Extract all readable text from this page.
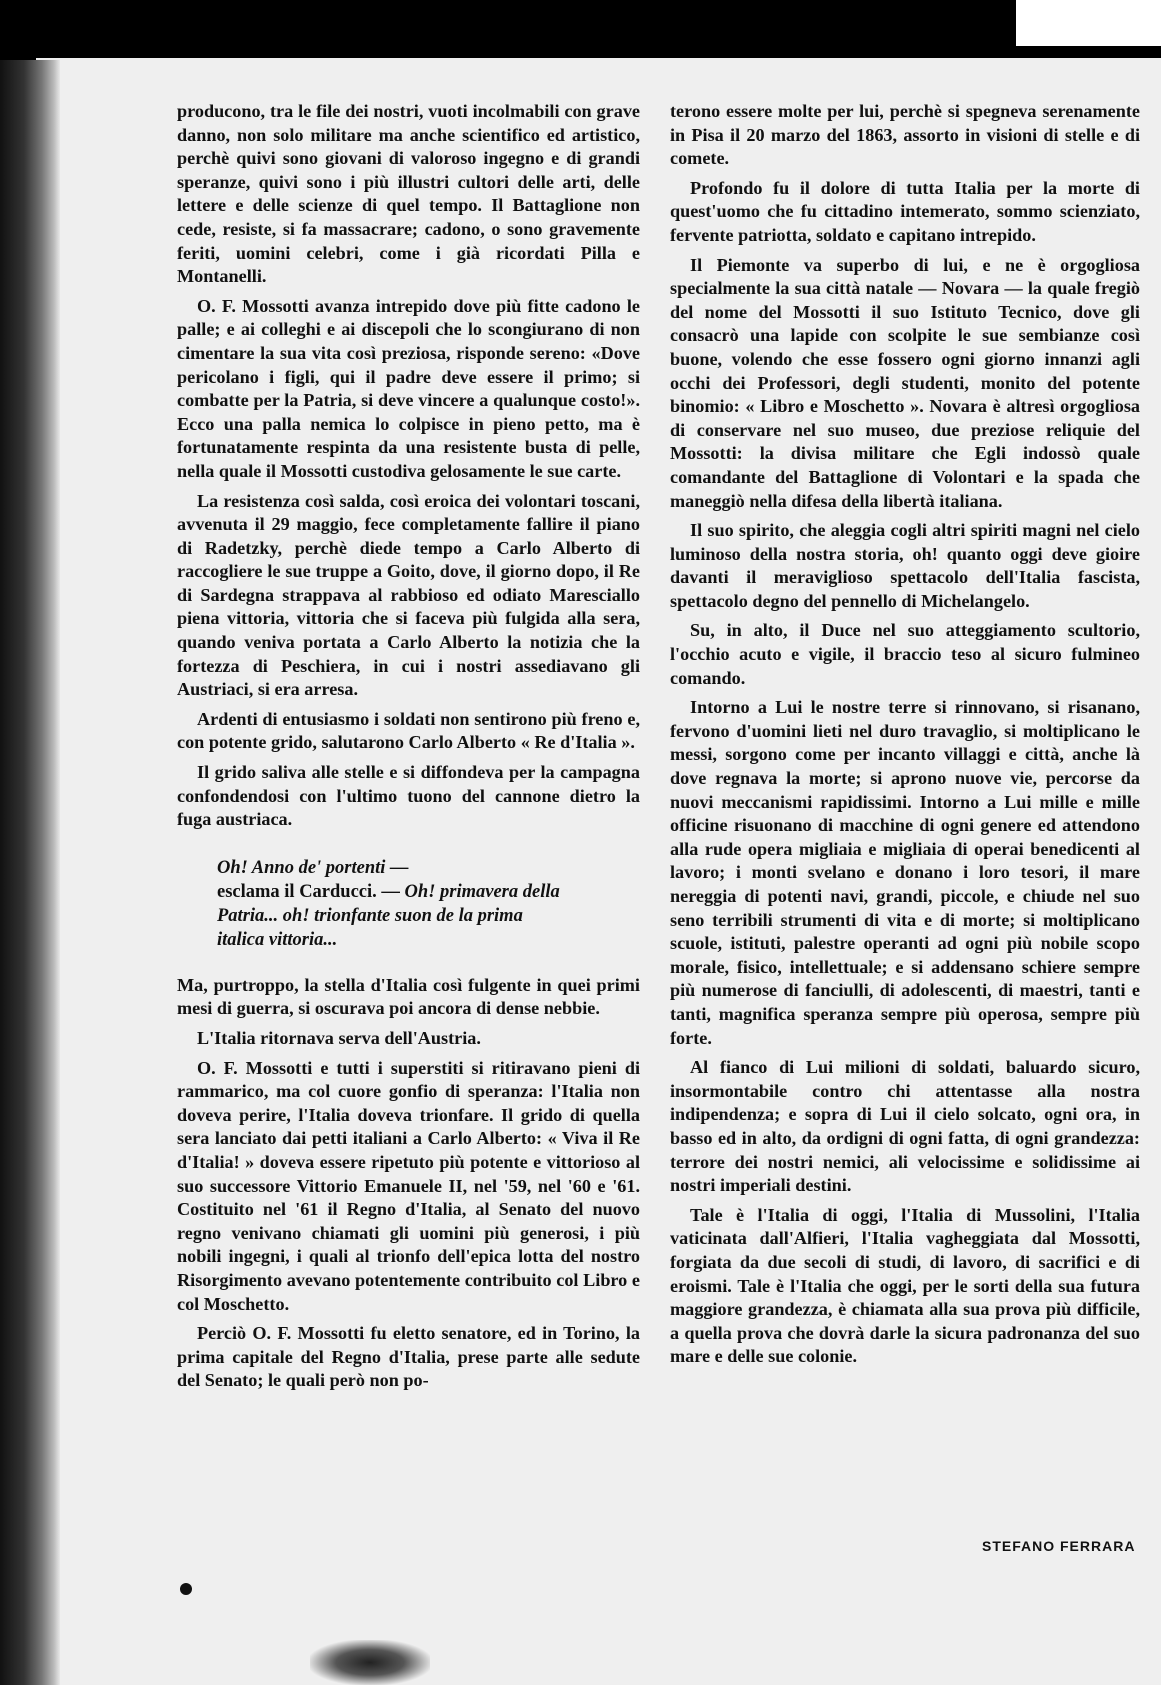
producono, tra le file dei nostri, vuoti incolmabili con grave danno, non solo militare ma anche scientifico ed artistico, perchè quivi sono giovani di valoroso ingegno e di grandi speranze, quivi sono i più illustri cultori delle arti, delle lettere e delle scienze di quel tempo. Il Battaglione non cede, resiste, si fa massacrare; cadono, o sono gravemente feriti, uomini celebri, come i già ricordati Pilla e Montanelli.

O. F. Mossotti avanza intrepido dove più fitte cadono le palle; e ai colleghi e ai discepoli che lo scongiurano di non cimentare la sua vita così preziosa, risponde sereno: «Dove pericolano i figli, qui il padre deve essere il primo; si combatte per la Patria, si deve vincere a qualunque costo!». Ecco una palla nemica lo colpisce in pieno petto, ma è fortunatamente respinta da una resistente busta di pelle, nella quale il Mossotti custodiva gelosamente le sue carte.

La resistenza così salda, così eroica dei volontari toscani, avvenuta il 29 maggio, fece completamente fallire il piano di Radetzky, perchè diede tempo a Carlo Alberto di raccogliere le sue truppe a Goito, dove, il giorno dopo, il Re di Sardegna strappava al rabbioso ed odiato Maresciallo piena vittoria, vittoria che si faceva più fulgida alla sera, quando veniva portata a Carlo Alberto la notizia che la fortezza di Peschiera, in cui i nostri assediavano gli Austriaci, si era arresa.

Ardenti di entusiasmo i soldati non sentirono più freno e, con potente grido, salutarono Carlo Alberto « Re d'Italia ».

Il grido saliva alle stelle e si diffondeva per la campagna confondendosi con l'ultimo tuono del cannone dietro la fuga austriaca.

Oh! Anno de' portenti —
esclama il Carducci. — Oh! primavera della
Patria... oh! trionfante suon de la prima
italica vittoria...

Ma, purtroppo, la stella d'Italia così fulgente in quei primi mesi di guerra, si oscurava poi ancora di dense nebbie.

L'Italia ritornava serva dell'Austria.

O. F. Mossotti e tutti i superstiti si ritiravano pieni di rammarico, ma col cuore gonfio di speranza: l'Italia non doveva perire, l'Italia doveva trionfare. Il grido di quella sera lanciato dai petti italiani a Carlo Alberto: « Viva il Re d'Italia! » doveva essere ripetuto più potente e vittorioso al suo successore Vittorio Emanuele II, nel '59, nel '60 e '61. Costituito nel '61 il Regno d'Italia, al Senato del nuovo regno venivano chiamati gli uomini più generosi, i più nobili ingegni, i quali al trionfo dell'epica lotta del nostro Risorgimento avevano potentemente contribuito col Libro e col Moschetto.

Perciò O. F. Mossotti fu eletto senatore, ed in Torino, la prima capitale del Regno d'Italia, prese parte alle sedute del Senato; le quali però non po-

terono essere molte per lui, perchè si spegneva serenamente in Pisa il 20 marzo del 1863, assorto in visioni di stelle e di comete.

Profondo fu il dolore di tutta Italia per la morte di quest'uomo che fu cittadino intemerato, sommo scienziato, fervente patriotta, soldato e capitano intrepido.

Il Piemonte va superbo di lui, e ne è orgogliosa specialmente la sua città natale — Novara — la quale fregiò del nome del Mossotti il suo Istituto Tecnico, dove gli consacrò una lapide con scolpite le sue sembianze così buone, volendo che esse fossero ogni giorno innanzi agli occhi dei Professori, degli studenti, monito del potente binomio: « Libro e Moschetto ». Novara è altresì orgogliosa di conservare nel suo museo, due preziose reliquie del Mossotti: la divisa militare che Egli indossò quale comandante del Battaglione di Volontari e la spada che maneggiò nella difesa della libertà italiana.

Il suo spirito, che aleggia cogli altri spiriti magni nel cielo luminoso della nostra storia, oh! quanto oggi deve gioire davanti il meraviglioso spettacolo dell'Italia fascista, spettacolo degno del pennello di Michelangelo.

Su, in alto, il Duce nel suo atteggiamento scultorio, l'occhio acuto e vigile, il braccio teso al sicuro fulmineo comando.

Intorno a Lui le nostre terre si rinnovano, si risanano, fervono d'uomini lieti nel duro travaglio, si moltiplicano le messi, sorgono come per incanto villaggi e città, anche là dove regnava la morte; si aprono nuove vie, percorse da nuovi meccanismi rapidissimi. Intorno a Lui mille e mille officine risuonano di macchine di ogni genere ed attendono alla rude opera migliaia e migliaia di operai benedicenti al lavoro; i monti svelano e donano i loro tesori, il mare nereggia di potenti navi, grandi, piccole, e chiude nel suo seno terribili strumenti di vita e di morte; si moltiplicano scuole, istituti, palestre operanti ad ogni più nobile scopo morale, fisico, intellettuale; e si addensano schiere sempre più numerose di fanciulli, di adolescenti, di maestri, tanti e tanti, magnifica speranza sempre più operosa, sempre più forte.

Al fianco di Lui milioni di soldati, baluardo sicuro, insormontabile contro chi attentasse alla nostra indipendenza; e sopra di Lui il cielo solcato, ogni ora, in basso ed in alto, da ordigni di ogni fatta, di ogni grandezza: terrore dei nostri nemici, ali velocissime e solidissime ai nostri imperiali destini.

Tale è l'Italia di oggi, l'Italia di Mussolini, l'Italia vaticinata dall'Alfieri, l'Italia vagheggiata dal Mossotti, forgiata da due secoli di studi, di lavoro, di sacrifici e di eroismi. Tale è l'Italia che oggi, per le sorti della sua futura maggiore grandezza, è chiamata alla sua prova più difficile, a quella prova che dovrà darle la sicura padronanza del suo mare e delle sue colonie.

STEFANO FERRARA
